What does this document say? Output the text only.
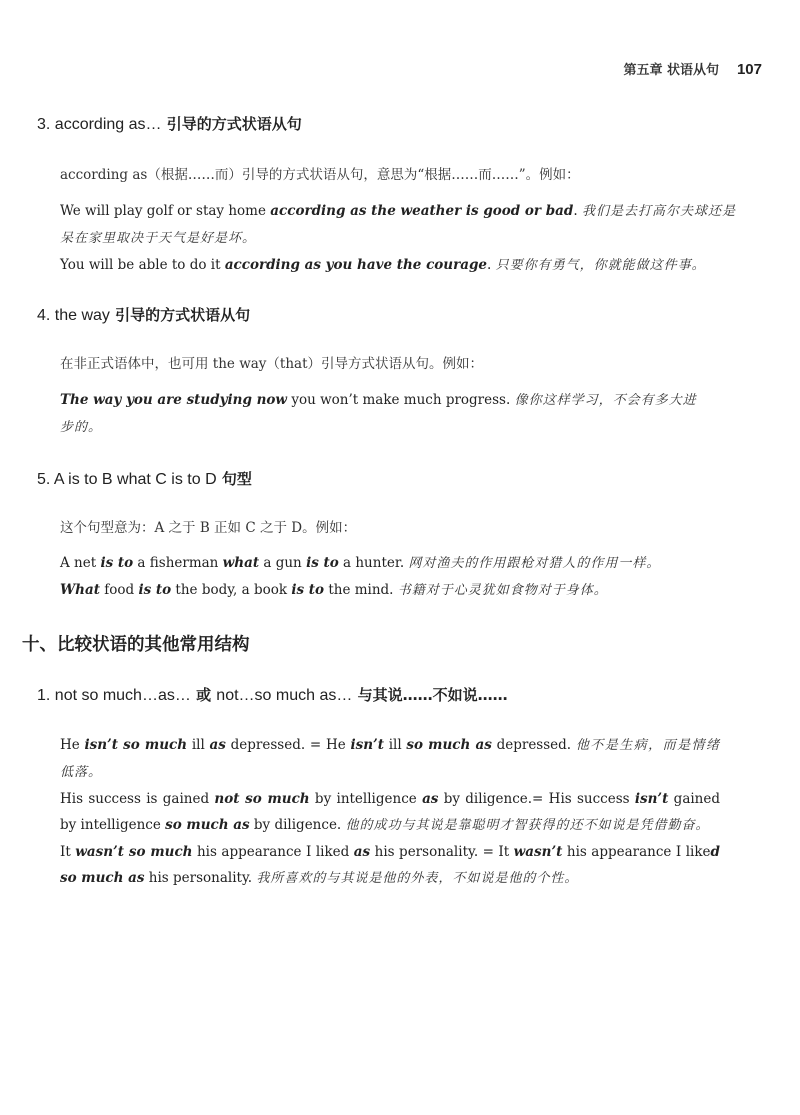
第五章 状语从句 107
3. according as… 引导的方式状语从句
according as（根据……而）引导的方式状语从句，意思为“根据……而……”。例如：
We will play golf or stay home according as the weather is good or bad. 我们是去打高尔夫球还是
呆在家里取决于天气是好是坏。
You will be able to do it according as you have the courage. 只要你有勇气，你就能做这件事。
4. the way 引导的方式状语从句
在非正式语体中，也可用 the way（that）引导方式状语从句。例如：
The way you are studying now you won’t make much progress. 像你这样学习，不会有多大进
步的。
5. A is to B what C is to D 句型
这个句型意为：A 之于 B 正如 C 之于 D。例如：
A net is to a fisherman what a gun is to a hunter. 网对渔夫的作用跟枪对猎人的作用一样。
What food is to the body, a book is to the mind. 书籍对于心灵犹如食物对于身体。
十、比较状语的其他常用结构
1. not so much…as… 或 not…so much as… 与其说……不如说……
He isn’t so much ill as depressed. = He isn’t ill so much as depressed. 他不是生病，而是情绪低落。
His success is gained not so much by intelligence as by diligence.= His success isn’t gained by intelligence so much as by diligence. 他的成功与其说是靠聪明才智获得的还不如说是凭借勤奋。
It wasn’t so much his appearance I liked as his personality. = It wasn’t his appearance I liked so much as his personality. 我所喜欢的与其说是他的外表，不如说是他的个性。
